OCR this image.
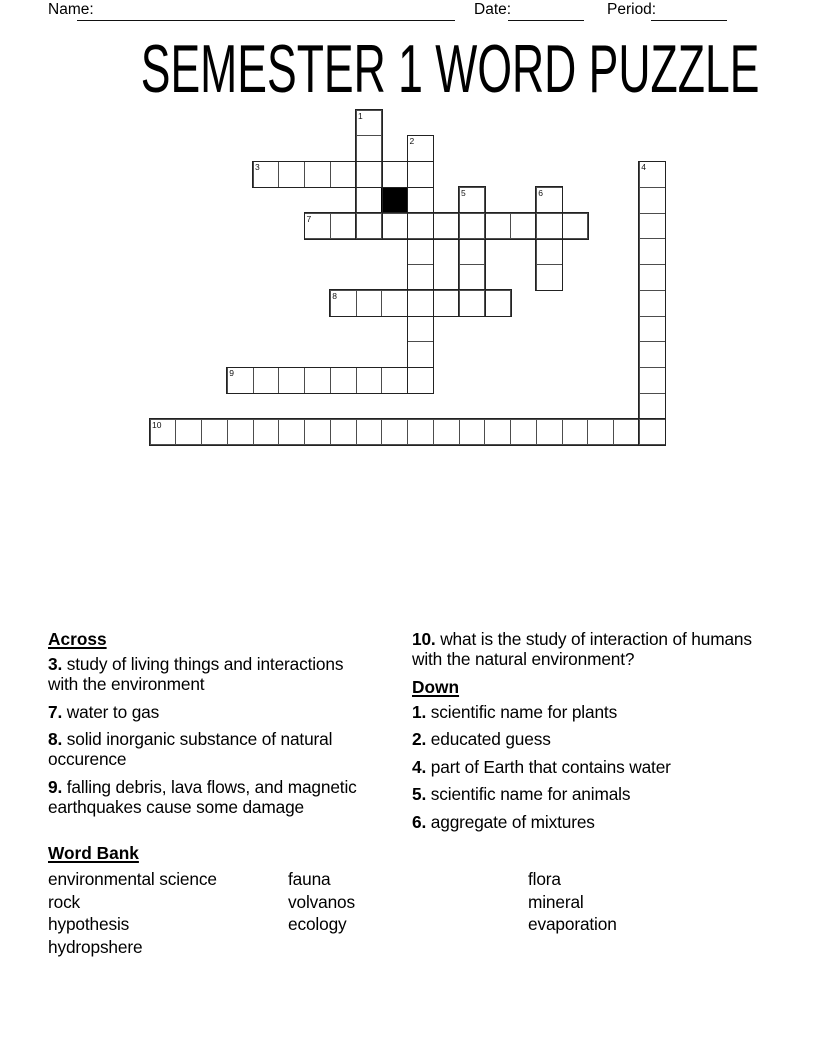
Name:	Date:	Period:
SEMESTER 1 WORD PUZZLE
1
2
3	4
5	6
7
8
9
10
Across

3. study of living things and interactions with the environment

7. water to gas

8. solid inorganic substance of natural occurence

9. falling debris, lava flows, and magnetic earthquakes cause some damage

10. what is the study of interaction of humans with the natural environment?

Down

1. scientific name for plants

2. educated guess

4. part of Earth that contains water

5. scientific name for animals

6. aggregate of mixtures

Word Bank
environmental science
rock
hypothesis
hydropshere
fauna
volvanos
ecology
flora
mineral
evaporation
